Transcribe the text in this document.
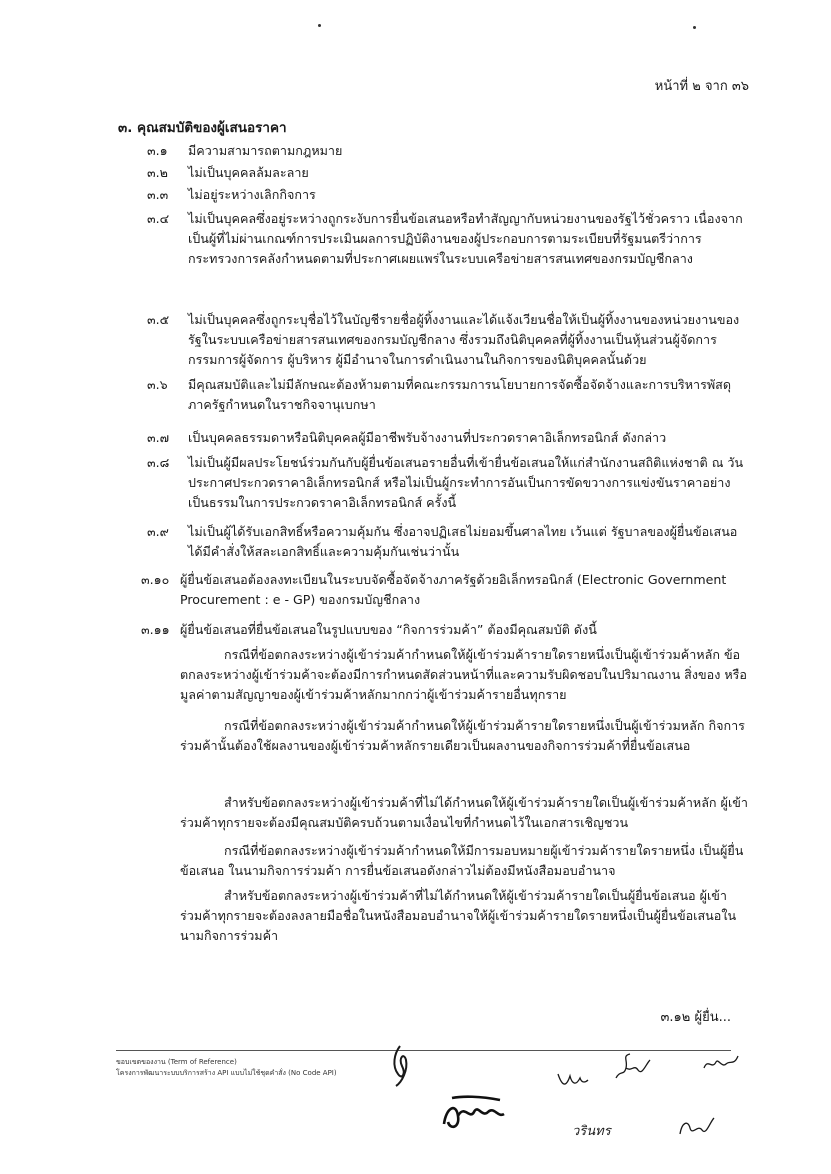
หน้าที่ ๒ จาก ๓๖
๓. คุณสมบัติของผู้เสนอราคา
๓.๑ มีความสามารถตามกฎหมาย
๓.๒ ไม่เป็นบุคคลล้มละลาย
๓.๓ ไม่อยู่ระหว่างเลิกกิจการ
๓.๔ ไม่เป็นบุคคลซึ่งอยู่ระหว่างถูกระงับการยื่นข้อเสนอหรือทำสัญญากับหน่วยงานของรัฐไว้ชั่วคราว เนื่องจากเป็นผู้ที่ไม่ผ่านเกณฑ์การประเมินผลการปฏิบัติงานของผู้ประกอบการตามระเบียบที่รัฐมนตรีว่าการกระทรวงการคลังกำหนดตามที่ประกาศเผยแพร่ในระบบเครือข่ายสารสนเทศของกรมบัญชีกลาง
๓.๕ ไม่เป็นบุคคลซึ่งถูกระบุชื่อไว้ในบัญชีรายชื่อผู้ทิ้งงานและได้แจ้งเวียนชื่อให้เป็นผู้ทิ้งงานของหน่วยงานของรัฐในระบบเครือข่ายสารสนเทศของกรมบัญชีกลาง ซึ่งรวมถึงนิติบุคคลที่ผู้ทิ้งงานเป็นหุ้นส่วนผู้จัดการ กรรมการผู้จัดการ ผู้บริหาร ผู้มีอำนาจในการดำเนินงานในกิจการของนิติบุคคลนั้นด้วย
๓.๖ มีคุณสมบัติและไม่มีลักษณะต้องห้ามตามที่คณะกรรมการนโยบายการจัดซื้อจัดจ้างและการบริหารพัสดุภาครัฐกำหนดในราชกิจจานุเบกษา
๓.๗ เป็นบุคคลธรรมดาหรือนิติบุคคลผู้มีอาชีพรับจ้างงานที่ประกวดราคาอิเล็กทรอนิกส์ ดังกล่าว
๓.๘ ไม่เป็นผู้มีผลประโยชน์ร่วมกันกับผู้ยื่นข้อเสนอรายอื่นที่เข้ายื่นข้อเสนอให้แก่สำนักงานสถิติแห่งชาติ ณ วันประกาศประกวดราคาอิเล็กทรอนิกส์ หรือไม่เป็นผู้กระทำการอันเป็นการขัดขวางการแข่งขันราคาอย่างเป็นธรรมในการประกวดราคาอิเล็กทรอนิกส์ ครั้งนี้
๓.๙ ไม่เป็นผู้ได้รับเอกสิทธิ์หรือความคุ้มกัน ซึ่งอาจปฏิเสธไม่ยอมขึ้นศาลไทย เว้นแต่ รัฐบาลของผู้ยื่นข้อเสนอได้มีคำสั่งให้สละเอกสิทธิ์และความคุ้มกันเช่นว่านั้น
๓.๑๐ ผู้ยื่นข้อเสนอต้องลงทะเบียนในระบบจัดซื้อจัดจ้างภาครัฐด้วยอิเล็กทรอนิกส์ (Electronic Government Procurement : e - GP) ของกรมบัญชีกลาง
๓.๑๑ ผู้ยื่นข้อเสนอที่ยื่นข้อเสนอในรูปแบบของ “กิจการร่วมค้า” ต้องมีคุณสมบัติ ดังนี้
กรณีที่ข้อตกลงระหว่างผู้เข้าร่วมค้ากำหนดให้ผู้เข้าร่วมค้ารายใดรายหนึ่งเป็นผู้เข้าร่วมค้าหลัก ข้อตกลงระหว่างผู้เข้าร่วมค้าจะต้องมีการกำหนดสัดส่วนหน้าที่และความรับผิดชอบในปริมาณงาน สิ่งของ หรือมูลค่าตามสัญญาของผู้เข้าร่วมค้าหลักมากกว่าผู้เข้าร่วมค้ารายอื่นทุกราย
กรณีที่ข้อตกลงระหว่างผู้เข้าร่วมค้ากำหนดให้ผู้เข้าร่วมค้ารายใดรายหนึ่งเป็นผู้เข้าร่วมหลัก กิจการร่วมค้านั้นต้องใช้ผลงานของผู้เข้าร่วมค้าหลักรายเดียวเป็นผลงานของกิจการร่วมค้าที่ยื่นข้อเสนอ
สำหรับข้อตกลงระหว่างผู้เข้าร่วมค้าที่ไม่ได้กำหนดให้ผู้เข้าร่วมค้ารายใดเป็นผู้เข้าร่วมค้าหลัก ผู้เข้าร่วมค้าทุกรายจะต้องมีคุณสมบัติครบถ้วนตามเงื่อนไขที่กำหนดไว้ในเอกสารเชิญชวน
กรณีที่ข้อตกลงระหว่างผู้เข้าร่วมค้ากำหนดให้มีการมอบหมายผู้เข้าร่วมค้ารายใดรายหนึ่ง เป็นผู้ยื่นข้อเสนอ ในนามกิจการร่วมค้า การยื่นข้อเสนอดังกล่าวไม่ต้องมีหนังสือมอบอำนาจ
สำหรับข้อตกลงระหว่างผู้เข้าร่วมค้าที่ไม่ได้กำหนดให้ผู้เข้าร่วมค้ารายใดเป็นผู้ยื่นข้อเสนอ ผู้เข้าร่วมค้าทุกรายจะต้องลงลายมือชื่อในหนังสือมอบอำนาจให้ผู้เข้าร่วมค้ารายใดรายหนึ่งเป็นผู้ยื่นข้อเสนอในนามกิจการร่วมค้า
๓.๑๒ ผู้ยื่น...
ขอบเขตของงาน (Term of Reference)
โครงการพัฒนาระบบบริการสร้าง API แบบไม่ใช้ชุดคำสั่ง (No Code API)
วรินทร
